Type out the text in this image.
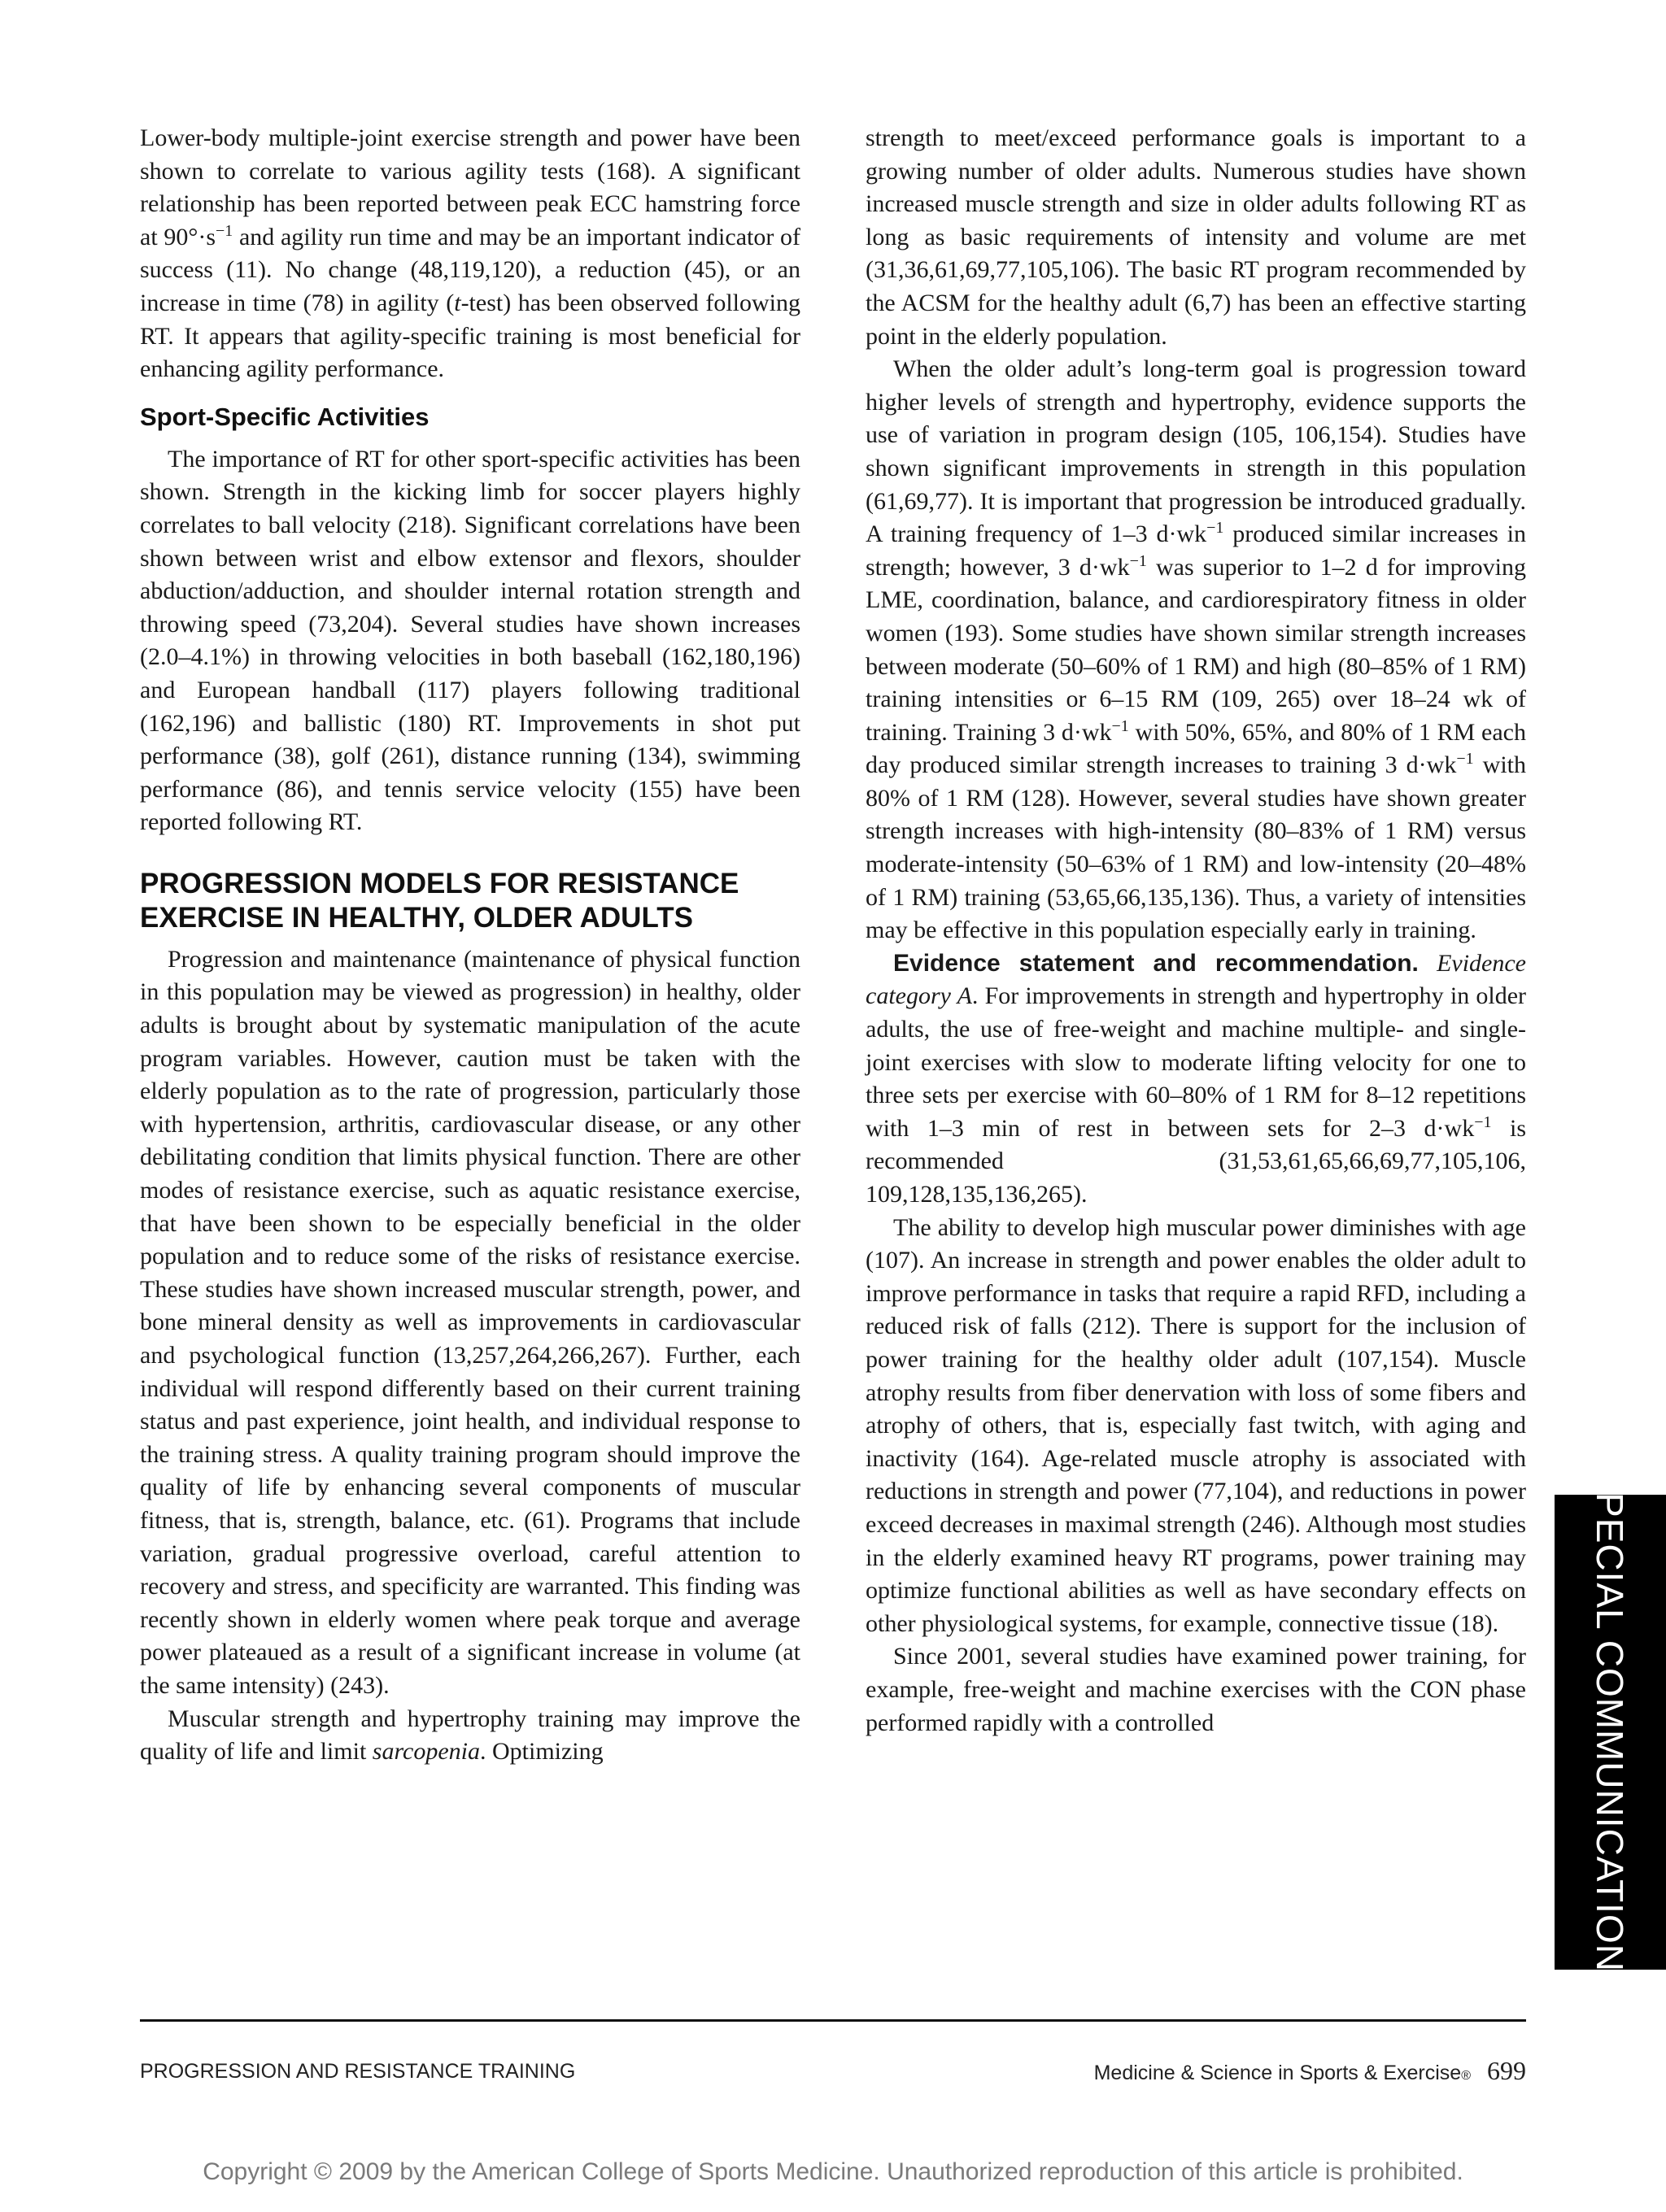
Lower-body multiple-joint exercise strength and power have been shown to correlate to various agility tests (168). A significant relationship has been reported between peak ECC hamstring force at $90^\circ\cdot s^{-1}$ and agility run time and may be an important indicator of success (11). No change (48,119,120), a reduction (45), or an increase in time (78) in agility (t-test) has been observed following RT. It appears that agility-specific training is most beneficial for enhancing agility performance.

Sport-Specific Activities

The importance of RT for other sport-specific activities has been shown. Strength in the kicking limb for soccer players highly correlates to ball velocity (218). Significant correlations have been shown between wrist and elbow extensor and flexors, shoulder abduction/adduction, and shoulder internal rotation strength and throwing speed (73,204). Several studies have shown increases (2.0–4.1%) in throwing velocities in both baseball (162,180,196) and European handball (117) players following traditional (162,196) and ballistic (180) RT. Improvements in shot put performance (38), golf (261), distance running (134), swimming performance (86), and tennis service velocity (155) have been reported following RT.

PROGRESSION MODELS FOR RESISTANCE
EXERCISE IN HEALTHY, OLDER ADULTS

Progression and maintenance (maintenance of physical function in this population may be viewed as progression) in healthy, older adults is brought about by systematic manipulation of the acute program variables. However, caution must be taken with the elderly population as to the rate of progression, particularly those with hypertension, arthritis, cardiovascular disease, or any other debilitating condition that limits physical function. There are other modes of resistance exercise, such as aquatic resistance exercise, that have been shown to be especially beneficial in the older population and to reduce some of the risks of resistance exercise. These studies have shown increased muscular strength, power, and bone mineral density as well as improvements in cardiovascular and psychological function (13,257,264,266,267). Further, each individual will respond differently based on their current training status and past experience, joint health, and individual response to the training stress. A quality training program should improve the quality of life by enhancing several components of muscular fitness, that is, strength, balance, etc. (61). Programs that include variation, gradual progressive overload, careful attention to recovery and stress, and specificity are warranted. This finding was recently shown in elderly women where peak torque and average power plateaued as a result of a significant increase in volume (at the same intensity) (243).

Muscular strength and hypertrophy training may improve the quality of life and limit sarcopenia. Optimizing

strength to meet/exceed performance goals is important to a growing number of older adults. Numerous studies have shown increased muscle strength and size in older adults following RT as long as basic requirements of intensity and volume are met (31,36,61,69,77,105,106). The basic RT program recommended by the ACSM for the healthy adult (6,7) has been an effective starting point in the elderly population.

When the older adult’s long-term goal is progression toward higher levels of strength and hypertrophy, evidence supports the use of variation in program design (105, 106,154). Studies have shown significant improvements in strength in this population (61,69,77). It is important that progression be introduced gradually. A training frequency of 1–3 $d\cdot wk^{-1}$ produced similar increases in strength; however, 3 $d\cdot wk^{-1}$ was superior to 1–2 d for improving LME, coordination, balance, and cardiorespiratory fitness in older women (193). Some studies have shown similar strength increases between moderate (50–60% of 1 RM) and high (80–85% of 1 RM) training intensities or 6–15 RM (109, 265) over 18–24 wk of training. Training 3 $d\cdot wk^{-1}$ with 50%, 65%, and 80% of 1 RM each day produced similar strength increases to training 3 $d\cdot wk^{-1}$ with 80% of 1 RM (128). However, several studies have shown greater strength increases with high-intensity (80–83% of 1 RM) versus moderate-intensity (50–63% of 1 RM) and low-intensity (20–48% of 1 RM) training (53,65,66,135,136). Thus, a variety of intensities may be effective in this population especially early in training.

Evidence statement and recommendation. Evidence category A. For improvements in strength and hypertrophy in older adults, the use of free-weight and machine multiple- and single-joint exercises with slow to moderate lifting velocity for one to three sets per exercise with 60–80% of 1 RM for 8–12 repetitions with 1–3 min of rest in between sets for 2–3 $d\cdot wk^{-1}$ is recommended (31,53,61,65,66,69,77,105,106, 109,128,135,136,265).

The ability to develop high muscular power diminishes with age (107). An increase in strength and power enables the older adult to improve performance in tasks that require a rapid RFD, including a reduced risk of falls (212). There is support for the inclusion of power training for the healthy older adult (107,154). Muscle atrophy results from fiber denervation with loss of some fibers and atrophy of others, that is, especially fast twitch, with aging and inactivity (164). Age-related muscle atrophy is associated with reductions in strength and power (77,104), and reductions in power exceed decreases in maximal strength (246). Although most studies in the elderly examined heavy RT programs, power training may optimize functional abilities as well as have secondary effects on other physiological systems, for example, connective tissue (18).

Since 2001, several studies have examined power training, for example, free-weight and machine exercises with the CON phase performed rapidly with a controlled	SPECIAL COMMUNICATIONS
PROGRESSION AND RESISTANCE TRAINING	Medicine & Science in Sports & Exercise® 699
Copyright © 2009 by the American College of Sports Medicine. Unauthorized reproduction of this article is prohibited.
